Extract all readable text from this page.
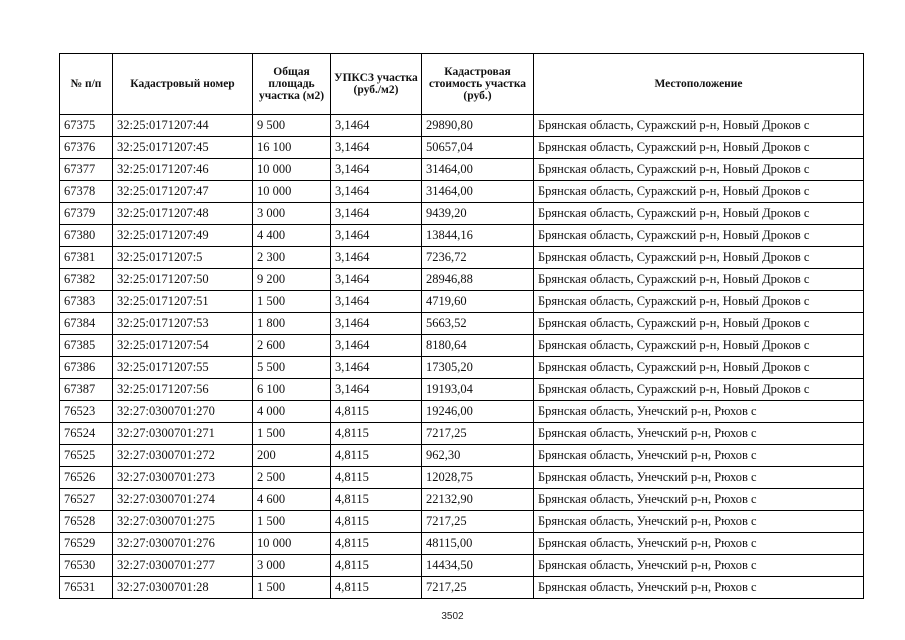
№ п/п	Кадастровый номер	Общая площадь участка (м2)	УПКСЗ участка (руб./м2)	Кадастровая стоимость участка (руб.)	Местоположение
67375	32:25:0171207:44	9 500	3,1464	29890,80	Брянская область, Суражский р-н, Новый Дроков с
67376	32:25:0171207:45	16 100	3,1464	50657,04	Брянская область, Суражский р-н, Новый Дроков с
67377	32:25:0171207:46	10 000	3,1464	31464,00	Брянская область, Суражский р-н, Новый Дроков с
67378	32:25:0171207:47	10 000	3,1464	31464,00	Брянская область, Суражский р-н, Новый Дроков с
67379	32:25:0171207:48	3 000	3,1464	9439,20	Брянская область, Суражский р-н, Новый Дроков с
67380	32:25:0171207:49	4 400	3,1464	13844,16	Брянская область, Суражский р-н, Новый Дроков с
67381	32:25:0171207:5	2 300	3,1464	7236,72	Брянская область, Суражский р-н, Новый Дроков с
67382	32:25:0171207:50	9 200	3,1464	28946,88	Брянская область, Суражский р-н, Новый Дроков с
67383	32:25:0171207:51	1 500	3,1464	4719,60	Брянская область, Суражский р-н, Новый Дроков с
67384	32:25:0171207:53	1 800	3,1464	5663,52	Брянская область, Суражский р-н, Новый Дроков с
67385	32:25:0171207:54	2 600	3,1464	8180,64	Брянская область, Суражский р-н, Новый Дроков с
67386	32:25:0171207:55	5 500	3,1464	17305,20	Брянская область, Суражский р-н, Новый Дроков с
67387	32:25:0171207:56	6 100	3,1464	19193,04	Брянская область, Суражский р-н, Новый Дроков с
76523	32:27:0300701:270	4 000	4,8115	19246,00	Брянская область, Унечский р-н, Рюхов с
76524	32:27:0300701:271	1 500	4,8115	7217,25	Брянская область, Унечский р-н, Рюхов с
76525	32:27:0300701:272	200	4,8115	962,30	Брянская область, Унечский р-н, Рюхов с
76526	32:27:0300701:273	2 500	4,8115	12028,75	Брянская область, Унечский р-н, Рюхов с
76527	32:27:0300701:274	4 600	4,8115	22132,90	Брянская область, Унечский р-н, Рюхов с
76528	32:27:0300701:275	1 500	4,8115	7217,25	Брянская область, Унечский р-н, Рюхов с
76529	32:27:0300701:276	10 000	4,8115	48115,00	Брянская область, Унечский р-н, Рюхов с
76530	32:27:0300701:277	3 000	4,8115	14434,50	Брянская область, Унечский р-н, Рюхов с
76531	32:27:0300701:28	1 500	4,8115	7217,25	Брянская область, Унечский р-н, Рюхов с
3502
